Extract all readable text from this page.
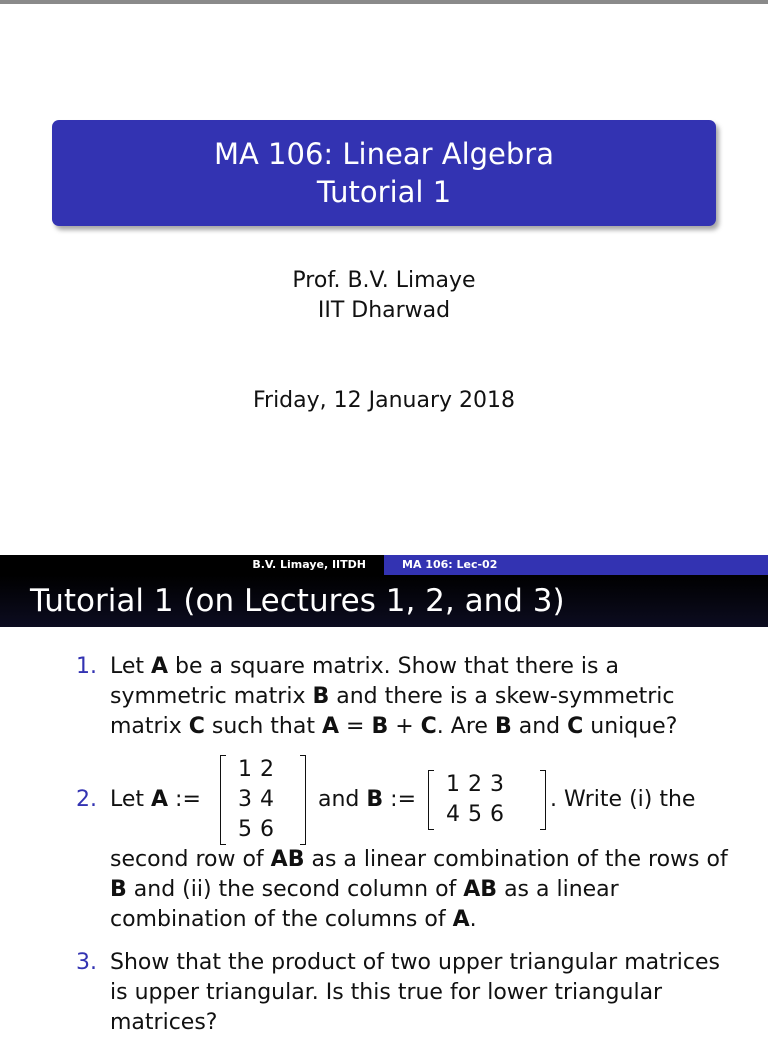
MA 106: Linear Algebra
Tutorial 1
Prof. B.V. Limaye
IIT Dharwad
Friday, 12 January 2018
B.V. Limaye, IITDH	MA 106: Lec-02
Tutorial 1 (on Lectures 1, 2, and 3)
1. Let A be a square matrix. Show that there is a symmetric matrix B and there is a skew-symmetric matrix C such that A = B + C. Are B and C unique?
2. Let A :=
1	2
3	4
5	6
and B :=
1	2	3
4	5	6
. Write (i) the
second row of AB as a linear combination of the rows of B and (ii) the second column of AB as a linear combination of the columns of A.
3. Show that the product of two upper triangular matrices is upper triangular. Is this true for lower triangular matrices?
